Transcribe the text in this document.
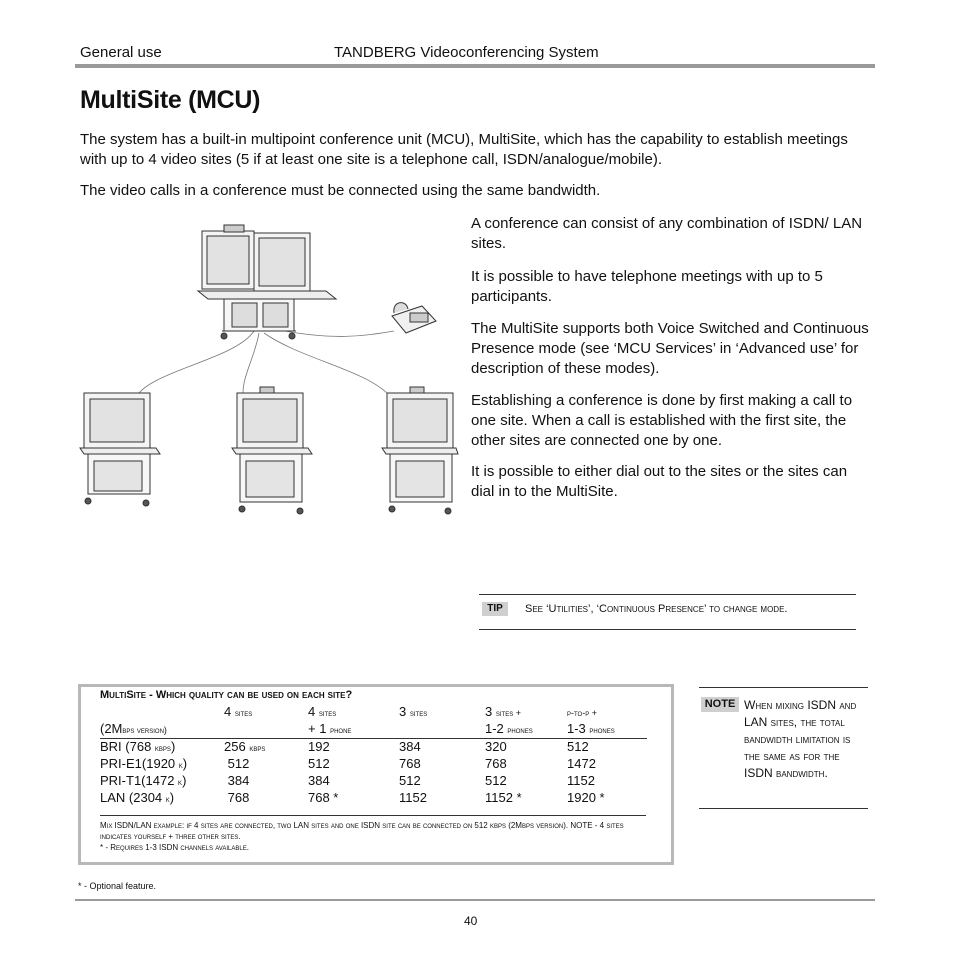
General use	TANDBERG Videoconferencing System
MultiSite (MCU)
The system has a built-in multipoint conference unit (MCU), MultiSite, which has the capability to establish meetings with up to 4 video sites (5 if at least one site is a telephone call, ISDN/analogue/mobile).
The video calls in a conference must be connected using the same bandwidth.
A conference can consist of any combination of ISDN/ LAN sites.
It is possible to have telephone meetings with up to 5 participants.
The MultiSite supports both Voice Switched and Continuous Presence mode (see ‘MCU Services’ in ‘Advanced use’ for description of these modes).
Establishing a conference is done by first making a call to one site. When a call is established with the first site, the other sites are connected one by one.
It is possible to either dial out to the sites or the sites can dial in to the MultiSite.
TIP	See ‘Utilities’, ‘Continuous Presence’ to change mode.
MultiSite - Which quality can be used on each site?
	4 sites	4 sites	3 sites	3 sites +	p-to-p +
(2Mbps version)		+ 1 phone		1-2 phones	1-3 phones
BRI (768 kbps)	256 kbps	192	384	320	512
PRI-E1(1920 k)	512	512	768	768	1472
PRI-T1(1472 k)	384	384	512	512	1152
LAN (2304 k)	768	768 *	1152	1152 *	1920 *
Mix ISDN/LAN example: if 4 sites are connected, two LAN sites and one ISDN site can be connected on 512 kbps (2Mbps version). NOTE - 4 sites indicates yourself + three other sites.
* - Requires 1-3 ISDN channels available.
NOTE When mixing ISDN and LAN sites, the total bandwidth limitation is the same as for the ISDN bandwidth.
* - Optional feature.
40
